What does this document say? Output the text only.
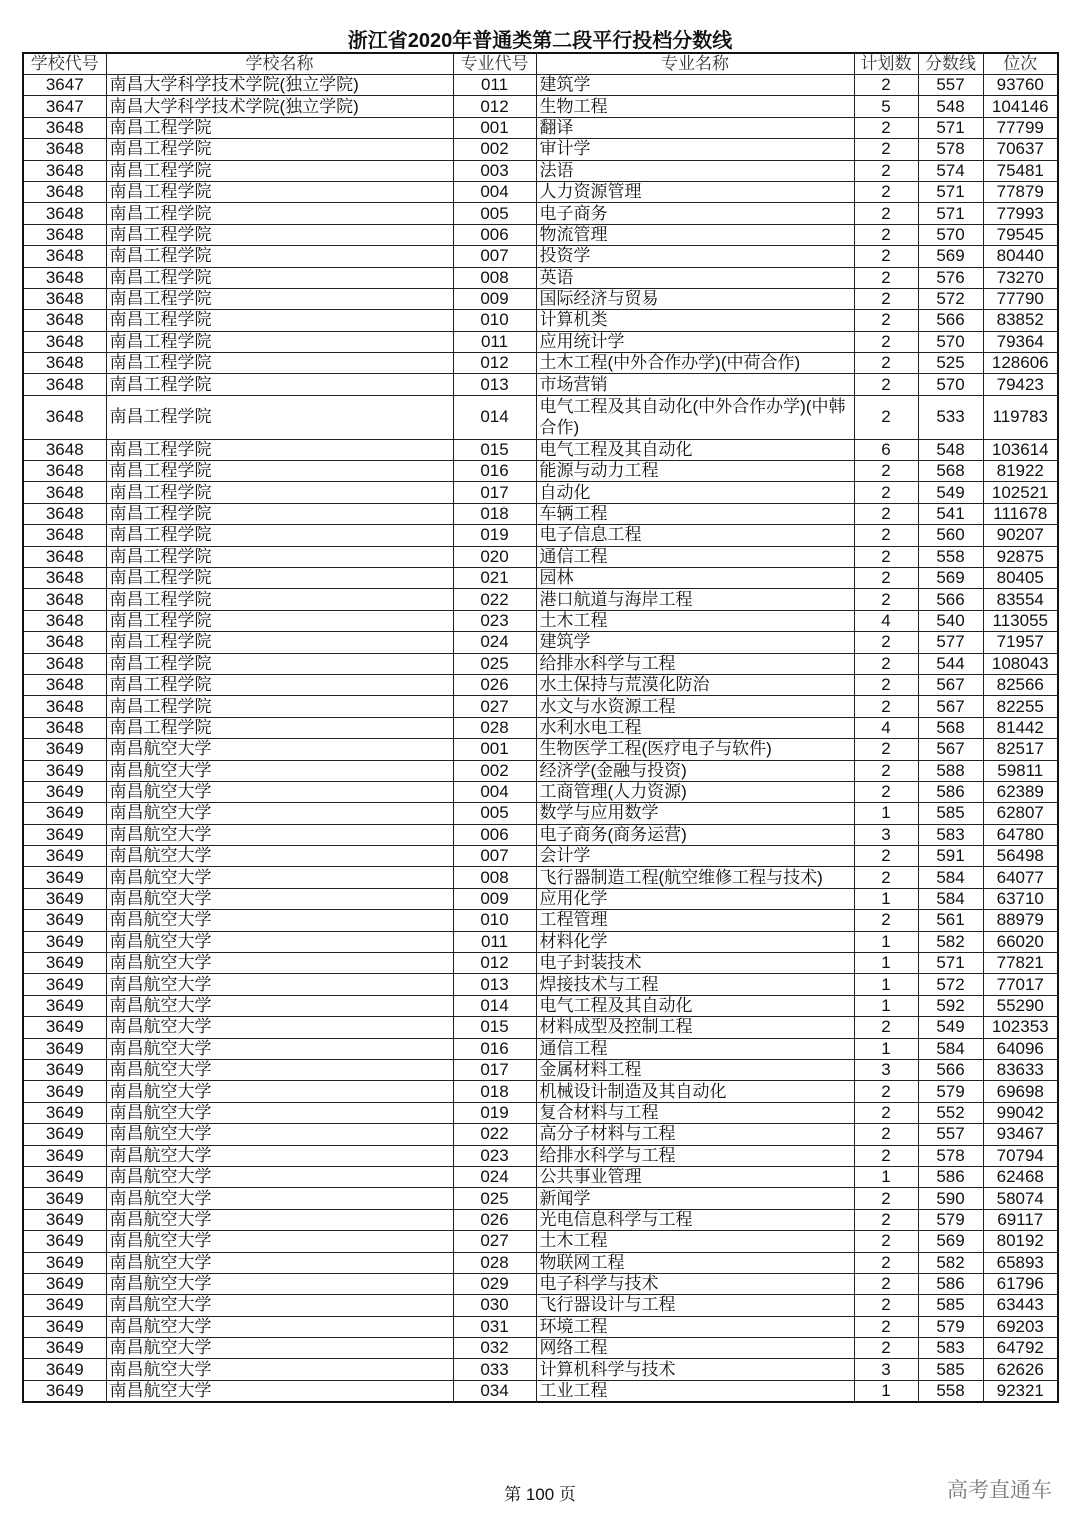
浙江省2020年普通类第二段平行投档分数线
学校代号	学校名称	专业代号	专业名称	计划数	分数线	位次
3647	南昌大学科学技术学院(独立学院)	011	建筑学	2	557	93760
3647	南昌大学科学技术学院(独立学院)	012	生物工程	5	548	104146
3648	南昌工程学院	001	翻译	2	571	77799
3648	南昌工程学院	002	审计学	2	578	70637
3648	南昌工程学院	003	法语	2	574	75481
3648	南昌工程学院	004	人力资源管理	2	571	77879
3648	南昌工程学院	005	电子商务	2	571	77993
3648	南昌工程学院	006	物流管理	2	570	79545
3648	南昌工程学院	007	投资学	2	569	80440
3648	南昌工程学院	008	英语	2	576	73270
3648	南昌工程学院	009	国际经济与贸易	2	572	77790
3648	南昌工程学院	010	计算机类	2	566	83852
3648	南昌工程学院	011	应用统计学	2	570	79364
3648	南昌工程学院	012	土木工程(中外合作办学)(中荷合作)	2	525	128606
3648	南昌工程学院	013	市场营销	2	570	79423
3648	南昌工程学院	014	电气工程及其自动化(中外合作办学)(中韩合作)	2	533	119783
3648	南昌工程学院	015	电气工程及其自动化	6	548	103614
3648	南昌工程学院	016	能源与动力工程	2	568	81922
3648	南昌工程学院	017	自动化	2	549	102521
3648	南昌工程学院	018	车辆工程	2	541	111678
3648	南昌工程学院	019	电子信息工程	2	560	90207
3648	南昌工程学院	020	通信工程	2	558	92875
3648	南昌工程学院	021	园林	2	569	80405
3648	南昌工程学院	022	港口航道与海岸工程	2	566	83554
3648	南昌工程学院	023	土木工程	4	540	113055
3648	南昌工程学院	024	建筑学	2	577	71957
3648	南昌工程学院	025	给排水科学与工程	2	544	108043
3648	南昌工程学院	026	水土保持与荒漠化防治	2	567	82566
3648	南昌工程学院	027	水文与水资源工程	2	567	82255
3648	南昌工程学院	028	水利水电工程	4	568	81442
3649	南昌航空大学	001	生物医学工程(医疗电子与软件)	2	567	82517
3649	南昌航空大学	002	经济学(金融与投资)	2	588	59811
3649	南昌航空大学	004	工商管理(人力资源)	2	586	62389
3649	南昌航空大学	005	数学与应用数学	1	585	62807
3649	南昌航空大学	006	电子商务(商务运营)	3	583	64780
3649	南昌航空大学	007	会计学	2	591	56498
3649	南昌航空大学	008	飞行器制造工程(航空维修工程与技术)	2	584	64077
3649	南昌航空大学	009	应用化学	1	584	63710
3649	南昌航空大学	010	工程管理	2	561	88979
3649	南昌航空大学	011	材料化学	1	582	66020
3649	南昌航空大学	012	电子封装技术	1	571	77821
3649	南昌航空大学	013	焊接技术与工程	1	572	77017
3649	南昌航空大学	014	电气工程及其自动化	1	592	55290
3649	南昌航空大学	015	材料成型及控制工程	2	549	102353
3649	南昌航空大学	016	通信工程	1	584	64096
3649	南昌航空大学	017	金属材料工程	3	566	83633
3649	南昌航空大学	018	机械设计制造及其自动化	2	579	69698
3649	南昌航空大学	019	复合材料与工程	2	552	99042
3649	南昌航空大学	022	高分子材料与工程	2	557	93467
3649	南昌航空大学	023	给排水科学与工程	2	578	70794
3649	南昌航空大学	024	公共事业管理	1	586	62468
3649	南昌航空大学	025	新闻学	2	590	58074
3649	南昌航空大学	026	光电信息科学与工程	2	579	69117
3649	南昌航空大学	027	土木工程	2	569	80192
3649	南昌航空大学	028	物联网工程	2	582	65893
3649	南昌航空大学	029	电子科学与技术	2	586	61796
3649	南昌航空大学	030	飞行器设计与工程	2	585	63443
3649	南昌航空大学	031	环境工程	2	579	69203
3649	南昌航空大学	032	网络工程	2	583	64792
3649	南昌航空大学	033	计算机科学与技术	3	585	62626
3649	南昌航空大学	034	工业工程	1	558	92321
第 100 页	高考直通车
